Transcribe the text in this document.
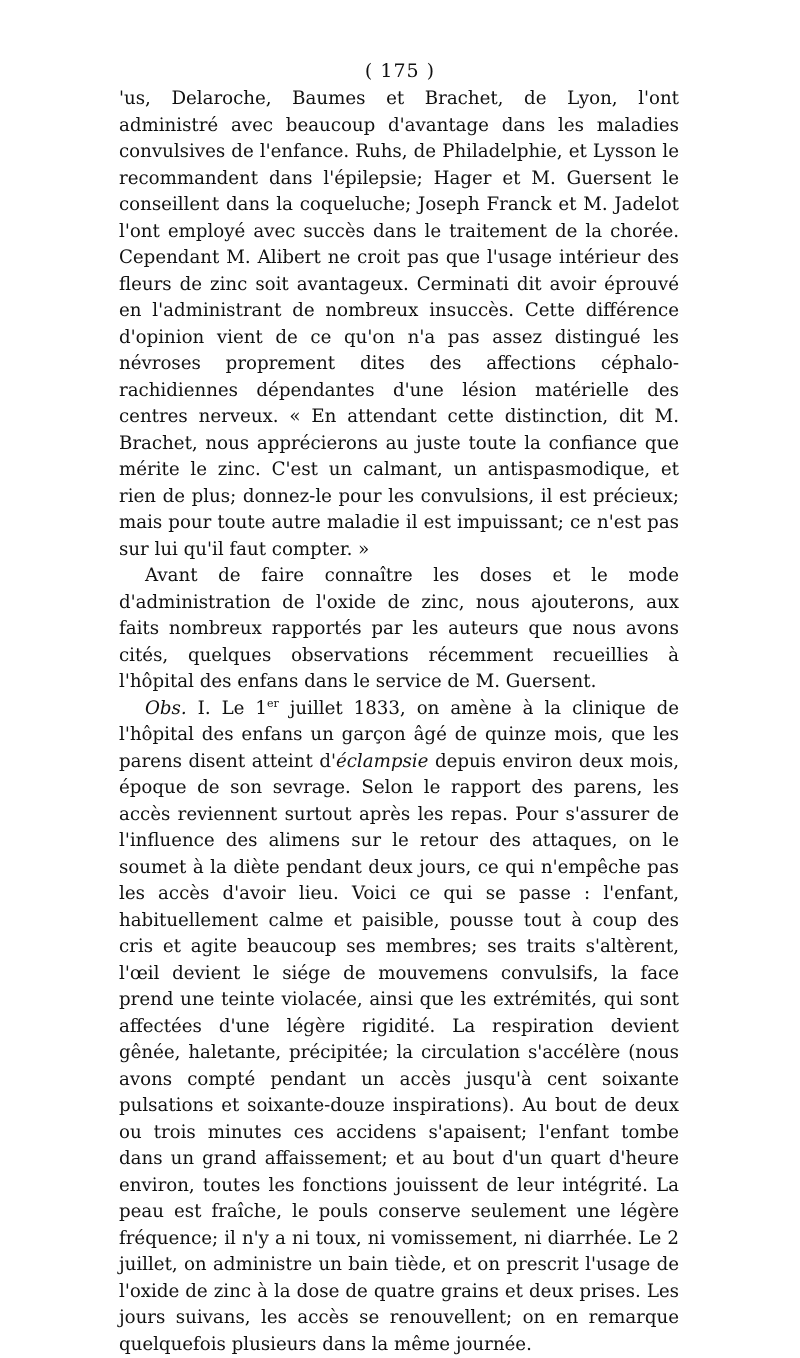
( 175 )

'us, Delaroche, Baumes et Brachet, de Lyon, l'ont administré avec beaucoup d'avantage dans les maladies convulsives de l'enfance. Ruhs, de Philadelphie, et Lysson le recommandent dans l'épilepsie; Hager et M. Guersent le conseillent dans la coqueluche; Joseph Franck et M. Jadelot l'ont employé avec succès dans le traitement de la chorée. Cependant M. Alibert ne croit pas que l'usage intérieur des fleurs de zinc soit avantageux. Cerminati dit avoir éprouvé en l'administrant de nombreux insuccès. Cette différence d'opinion vient de ce qu'on n'a pas assez distingué les névroses proprement dites des affections céphalo-rachidiennes dépendantes d'une lésion matérielle des centres nerveux. « En attendant cette distinction, dit M. Brachet, nous apprécierons au juste toute la confiance que mérite le zinc. C'est un calmant, un antispasmodique, et rien de plus; donnez-le pour les convulsions, il est précieux; mais pour toute autre maladie il est impuissant; ce n'est pas sur lui qu'il faut compter. »

Avant de faire connaître les doses et le mode d'administration de l'oxide de zinc, nous ajouterons, aux faits nombreux rapportés par les auteurs que nous avons cités, quelques observations récemment recueillies à l'hôpital des enfans dans le service de M. Guersent.

Obs. I. Le 1er juillet 1833, on amène à la clinique de l'hôpital des enfans un garçon âgé de quinze mois, que les parens disent atteint d'éclampsie depuis environ deux mois, époque de son sevrage. Selon le rapport des parens, les accès reviennent surtout après les repas. Pour s'assurer de l'influence des alimens sur le retour des attaques, on le soumet à la diète pendant deux jours, ce qui n'empêche pas les accès d'avoir lieu. Voici ce qui se passe : l'enfant, habituellement calme et paisible, pousse tout à coup des cris et agite beaucoup ses membres; ses traits s'altèrent, l'œil devient le siége de mouvemens convulsifs, la face prend une teinte violacée, ainsi que les extrémités, qui sont affectées d'une légère rigidité. La respiration devient gênée, haletante, précipitée; la circulation s'accélère (nous avons compté pendant un accès jusqu'à cent soixante pulsations et soixante-douze inspirations). Au bout de deux ou trois minutes ces accidens s'apaisent; l'enfant tombe dans un grand affaissement; et au bout d'un quart d'heure environ, toutes les fonctions jouissent de leur intégrité. La peau est fraîche, le pouls conserve seulement une légère fréquence; il n'y a ni toux, ni vomissement, ni diarrhée. Le 2 juillet, on administre un bain tiède, et on prescrit l'usage de l'oxide de zinc à la dose de quatre grains et deux prises. Les jours suivans, les accès se renouvellent; on en remarque quelquefois plusieurs dans la même journée.
